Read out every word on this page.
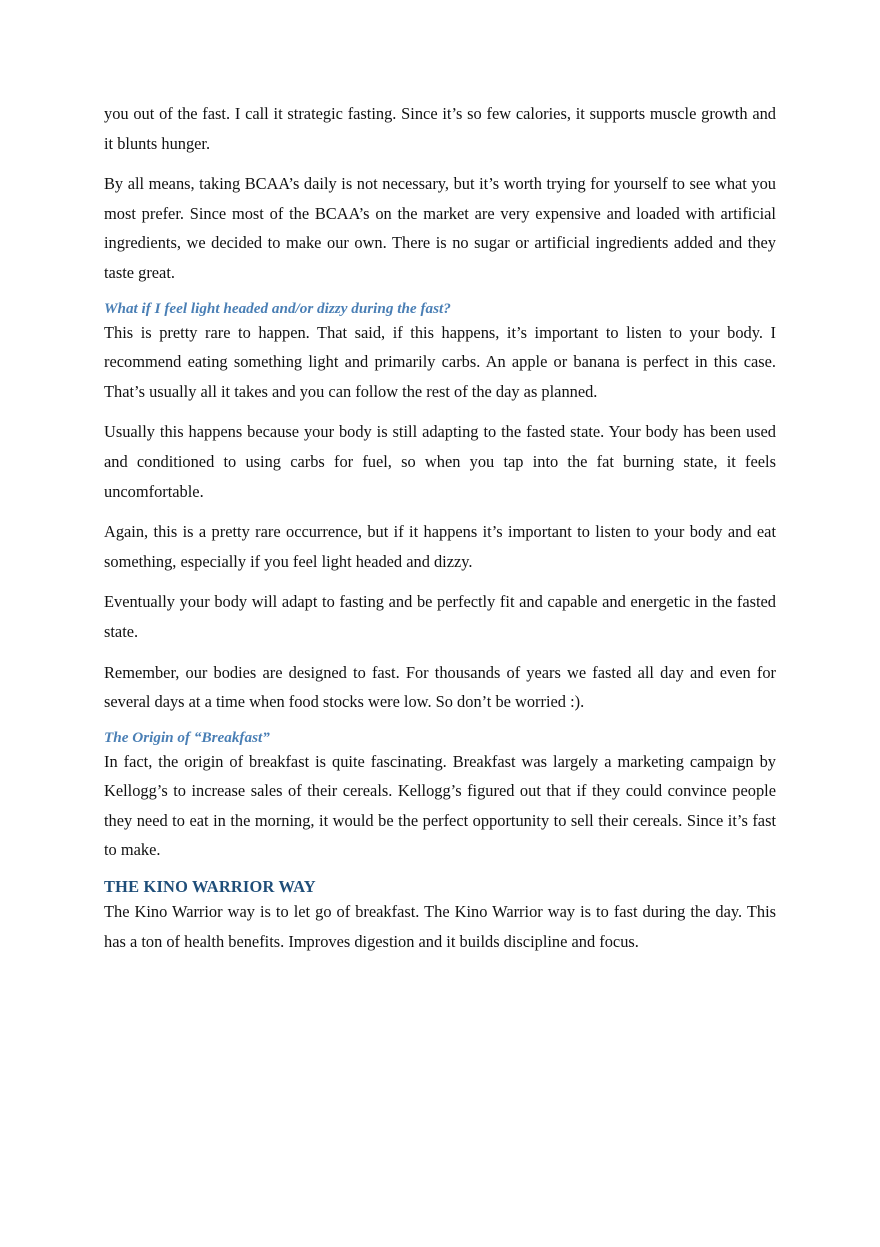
you out of the fast. I call it strategic fasting. Since it’s so few calories, it supports muscle growth and it blunts hunger.

By all means, taking BCAA’s daily is not necessary, but it’s worth trying for yourself to see what you most prefer. Since most of the BCAA’s on the market are very expensive and loaded with artificial ingredients, we decided to make our own. There is no sugar or artificial ingredients added and they taste great.

What if I feel light headed and/or dizzy during the fast?

This is pretty rare to happen. That said, if this happens, it’s important to listen to your body. I recommend eating something light and primarily carbs. An apple or banana is perfect in this case. That’s usually all it takes and you can follow the rest of the day as planned.

Usually this happens because your body is still adapting to the fasted state. Your body has been used and conditioned to using carbs for fuel, so when you tap into the fat burning state, it feels uncomfortable.

Again, this is a pretty rare occurrence, but if it happens it’s important to listen to your body and eat something, especially if you feel light headed and dizzy.

Eventually your body will adapt to fasting and be perfectly fit and capable and energetic in the fasted state.

Remember, our bodies are designed to fast. For thousands of years we fasted all day and even for several days at a time when food stocks were low. So don’t be worried :).

The Origin of “Breakfast”

In fact, the origin of breakfast is quite fascinating. Breakfast was largely a marketing campaign by Kellogg’s to increase sales of their cereals. Kellogg’s figured out that if they could convince people they need to eat in the morning, it would be the perfect opportunity to sell their cereals. Since it’s fast to make.

THE KINO WARRIOR WAY

The Kino Warrior way is to let go of breakfast. The Kino Warrior way is to fast during the day. This has a ton of health benefits. Improves digestion and it builds discipline and focus.
